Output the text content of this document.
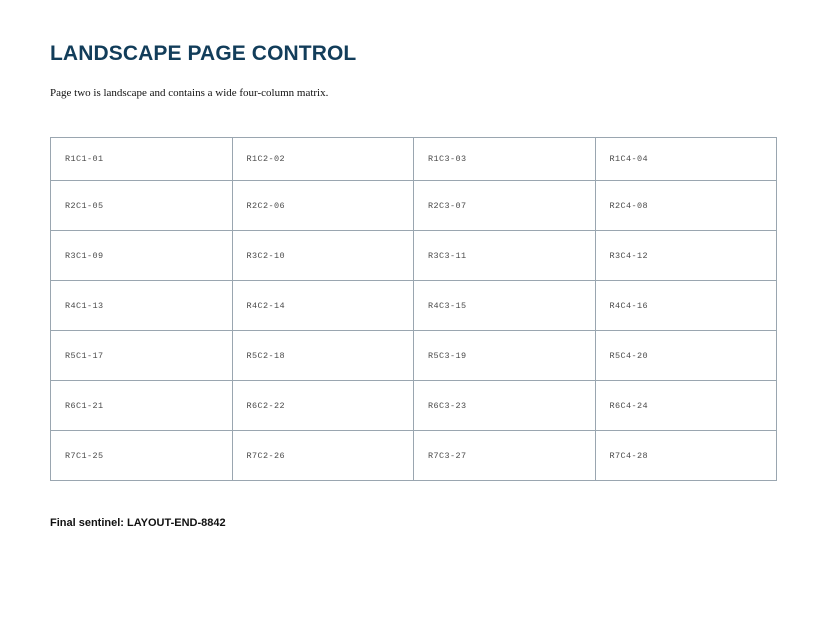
LANDSCAPE PAGE CONTROL

Page two is landscape and contains a wide four-column matrix.

R1C1-01	R1C2-02	R1C3-03	R1C4-04
R2C1-05	R2C2-06	R2C3-07	R2C4-08
R3C1-09	R3C2-10	R3C3-11	R3C4-12
R4C1-13	R4C2-14	R4C3-15	R4C4-16
R5C1-17	R5C2-18	R5C3-19	R5C4-20
R6C1-21	R6C2-22	R6C3-23	R6C4-24
R7C1-25	R7C2-26	R7C3-27	R7C4-28

Final sentinel: LAYOUT-END-8842
